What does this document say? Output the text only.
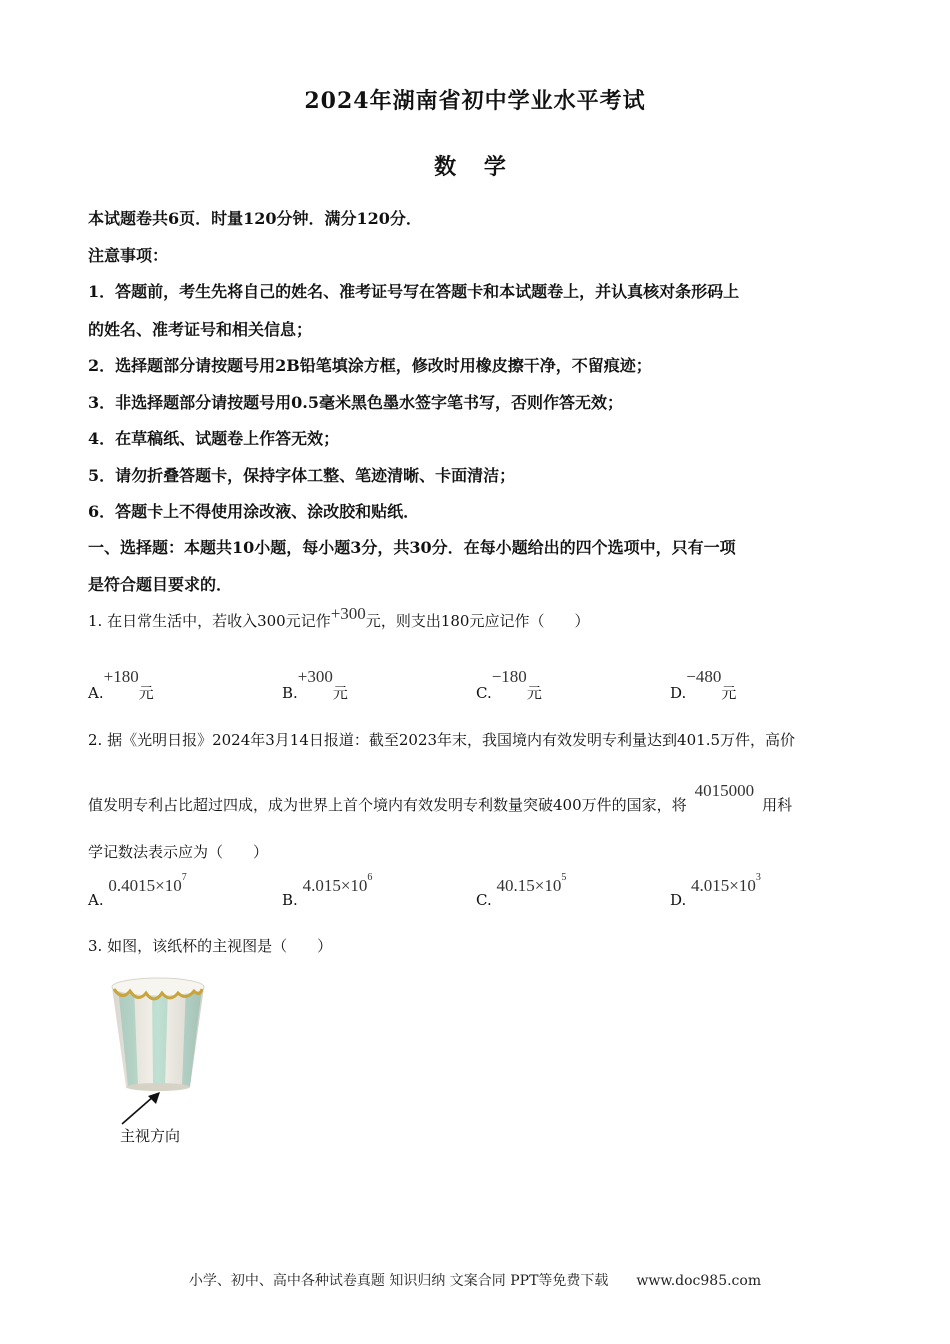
2024年湖南省初中学业水平考试
数 学
本试题卷共6页．时量120分钟．满分120分．
注意事项：
1．答题前，考生先将自己的姓名、准考证号写在答题卡和本试题卷上，并认真核对条形码上
的姓名、准考证号和相关信息；
2．选择题部分请按题号用2B铅笔填涂方框，修改时用橡皮擦干净，不留痕迹；
3．非选择题部分请按题号用0.5毫米黑色墨水签字笔书写，否则作答无效；
4．在草稿纸、试题卷上作答无效；
5．请勿折叠答题卡，保持字体工整、笔迹清晰、卡面清洁；
6．答题卡上不得使用涂改液、涂改胶和贴纸．
一、选择题：本题共10小题，每小题3分，共30分．在每小题给出的四个选项中，只有一项
是符合题目要求的．
1. 在日常生活中，若收入300元记作+300元，则支出180元应记作（　　）
A.+180元	B.+300元	C.−180元	D.−480元
2. 据《光明日报》2024年3月14日报道：截至2023年末，我国境内有效发明专利量达到401.5万件，高价
值发明专利占比超过四成，成为世界上首个境内有效发明专利数量突破400万件的国家，将4015000用科
学记数法表示应为（　　）
A. $0.4015\times 10^7$
B. $4.015\times 10^6$
C. $40.15\times 10^5$
D. $4.015\times 10^3$
3. 如图，该纸杯的主视图是（　　）
主视方向
小学、初中、高中各种试卷真题 知识归纳 文案合同 PPT等免费下载　　www.doc985.com
